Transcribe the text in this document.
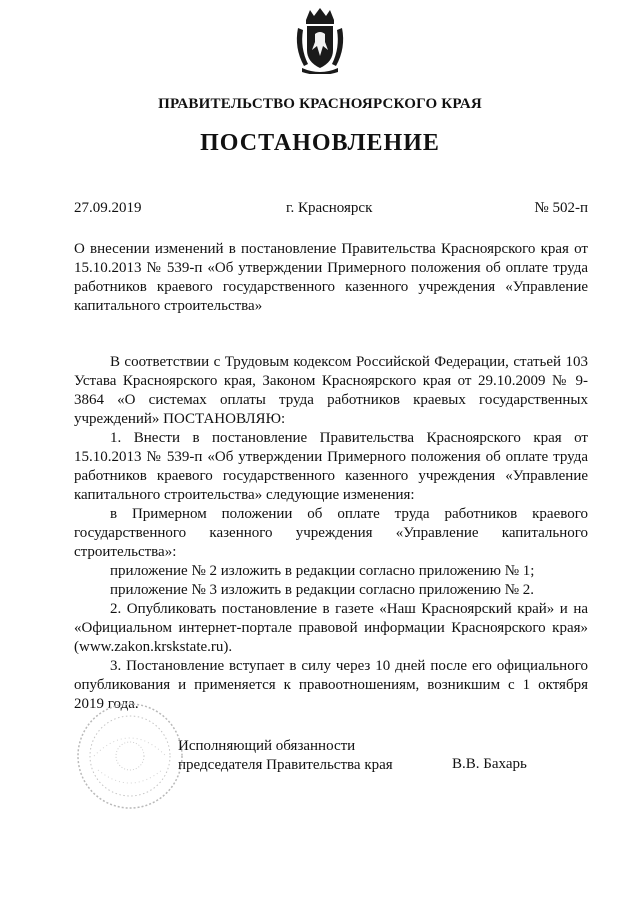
ПРАВИТЕЛЬСТВО КРАСНОЯРСКОГО КРАЯ
ПОСТАНОВЛЕНИЕ
27.09.2019	г. Красноярск	№ 502-п
О внесении изменений в постановление Правительства Красноярского края от 15.10.2013 № 539-п «Об утверждении Примерного положения об оплате труда работников краевого государственного казенного учреждения «Управление капитального строительства»

В соответствии с Трудовым кодексом Российской Федерации, статьей 103 Устава Красноярского края, Законом Красноярского края от 29.10.2009 № 9-3864 «О системах оплаты труда работников краевых государственных учреждений» ПОСТАНОВЛЯЮ:

1. Внести в постановление Правительства Красноярского края от 15.10.2013 № 539-п «Об утверждении Примерного положения об оплате труда работников краевого государственного казенного учреждения «Управление капитального строительства» следующие изменения:

в Примерном положении об оплате труда работников краевого государственного казенного учреждения «Управление капитального строительства»:

приложение № 2 изложить в редакции согласно приложению № 1;

приложение № 3 изложить в редакции согласно приложению № 2.

2. Опубликовать постановление в газете «Наш Красноярский край» и на «Официальном интернет-портале правовой информации Красноярского края» (www.zakon.krskstate.ru).

3. Постановление вступает в силу через 10 дней после его официального опубликования и применяется к правоотношениям, возникшим с 1 октября 2019 года.

Исполняющий обязанности
председателя Правительства края	В.В. Бахарь
